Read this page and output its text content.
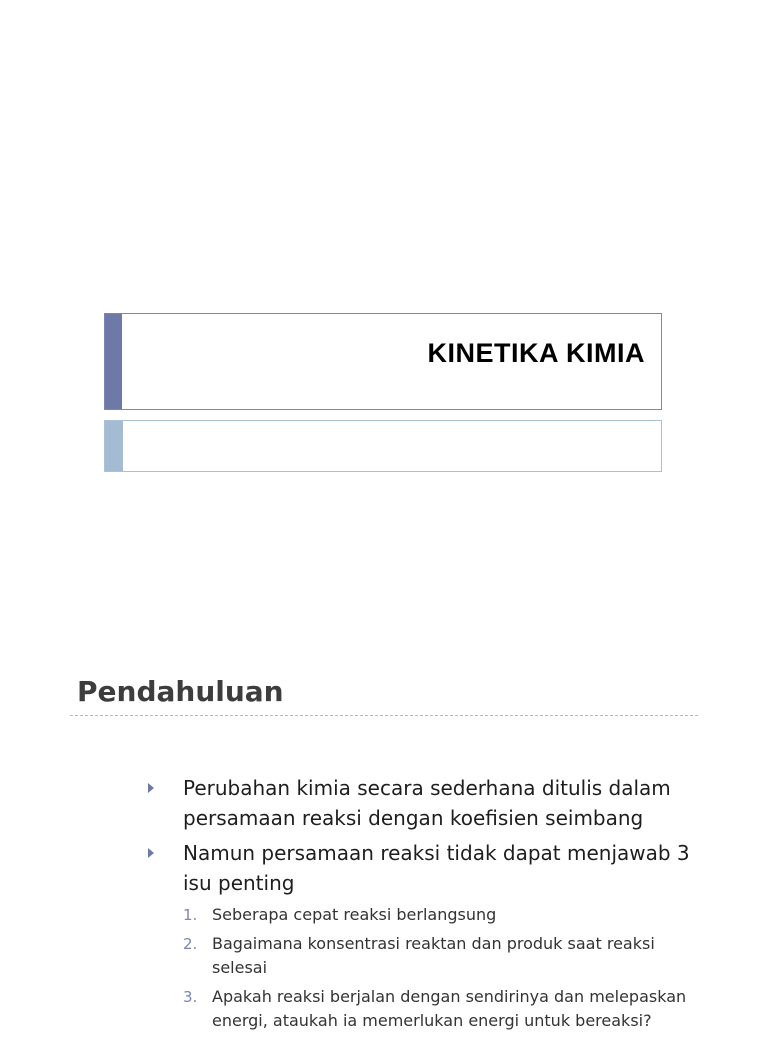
KINETIKA KIMIA
Pendahuluan
Perubahan kimia secara sederhana ditulis dalam persamaan reaksi dengan koefisien seimbang
Namun persamaan reaksi tidak dapat menjawab 3 isu penting
1. Seberapa cepat reaksi berlangsung
2. Bagaimana konsentrasi reaktan dan produk saat reaksi selesai
3. Apakah reaksi berjalan dengan sendirinya dan melepaskan energi, ataukah ia memerlukan energi untuk bereaksi?
